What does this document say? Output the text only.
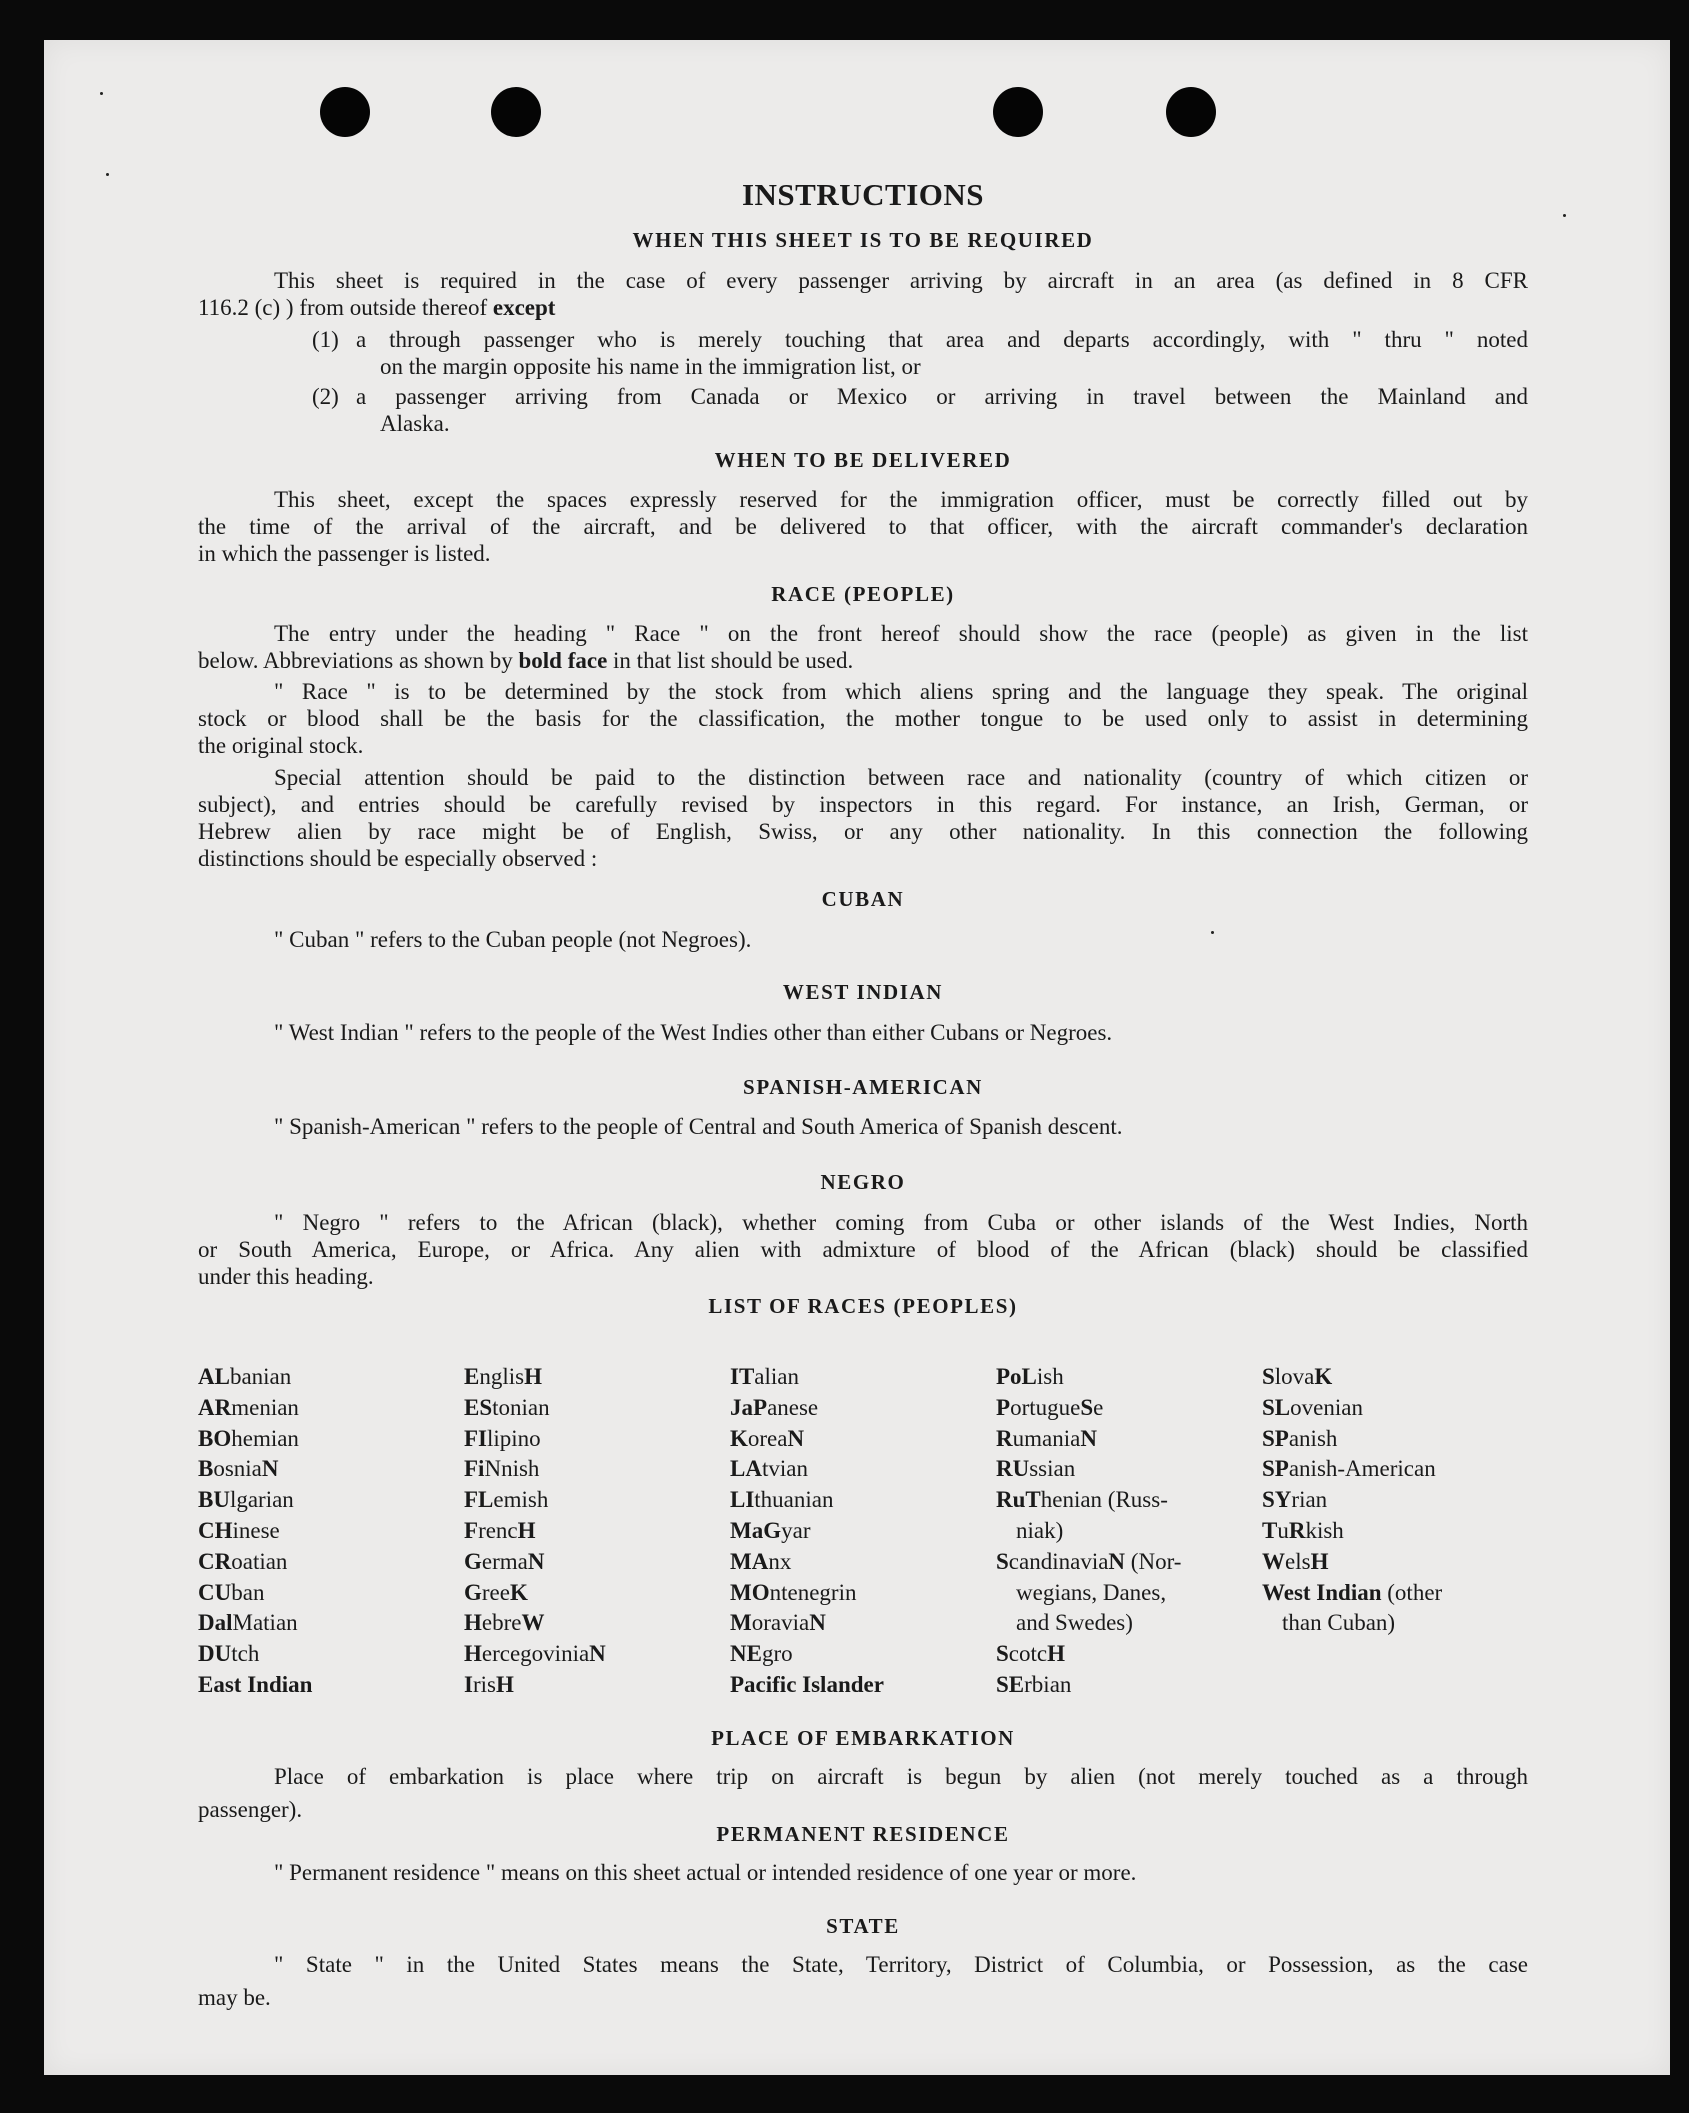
INSTRUCTIONS
WHEN THIS SHEET IS TO BE REQUIRED
This sheet is required in the case of every passenger arriving by aircraft in an area (as defined in 8 CFR
116.2 (c) ) from outside thereof except
(1) a through passenger who is merely touching that area and departs accordingly, with " thru " noted
on the margin opposite his name in the immigration list, or
(2) a passenger arriving from Canada or Mexico or arriving in travel between the Mainland and
Alaska.
WHEN TO BE DELIVERED
This sheet, except the spaces expressly reserved for the immigration officer, must be correctly filled out by
the time of the arrival of the aircraft, and be delivered to that officer, with the aircraft commander's declaration
in which the passenger is listed.
RACE (PEOPLE)
The entry under the heading " Race " on the front hereof should show the race (people) as given in the list
below. Abbreviations as shown by bold face in that list should be used.
" Race " is to be determined by the stock from which aliens spring and the language they speak. The original
stock or blood shall be the basis for the classification, the mother tongue to be used only to assist in determining
the original stock.
Special attention should be paid to the distinction between race and nationality (country of which citizen or
subject), and entries should be carefully revised by inspectors in this regard. For instance, an Irish, German, or
Hebrew alien by race might be of English, Swiss, or any other nationality. In this connection the following
distinctions should be especially observed :
CUBAN
" Cuban " refers to the Cuban people (not Negroes).
WEST INDIAN
" West Indian " refers to the people of the West Indies other than either Cubans or Negroes.
SPANISH-AMERICAN
" Spanish-American " refers to the people of Central and South America of Spanish descent.
NEGRO
" Negro " refers to the African (black), whether coming from Cuba or other islands of the West Indies, North
or South America, Europe, or Africa. Any alien with admixture of blood of the African (black) should be classified
under this heading.
LIST OF RACES (PEOPLES)
ALbanian
ARmenian
BOhemian
BosniaN
BUlgarian
CHinese
CRoatian
CUban
DalMatian
DUtch
East Indian
EnglisH
EStonian
FIlipino
FiNnish
FLemish
FrencH
GermaN
GreeK
HebreW
HercegoviniaN
IrisH
ITalian
JaPanese
KoreaN
LAtvian
LIthuanian
MaGyar
MAnx
MOntenegrin
MoraviaN
NEgro
Pacific Islander
PoLish
PortugueSe
RumaniaN
RUssian
RuThenian (Russ-
niak)
ScandinaviaN (Nor-
wegians, Danes,
and Swedes)
ScotcH
SErbian
SlovaK
SLovenian
SPanish
SPanish-American
SYrian
TuRkish
WelsH
West Indian (other
than Cuban)
PLACE OF EMBARKATION
Place of embarkation is place where trip on aircraft is begun by alien (not merely touched as a through
passenger).
PERMANENT RESIDENCE
" Permanent residence " means on this sheet actual or intended residence of one year or more.
STATE
" State " in the United States means the State, Territory, District of Columbia, or Possession, as the case
may be.
